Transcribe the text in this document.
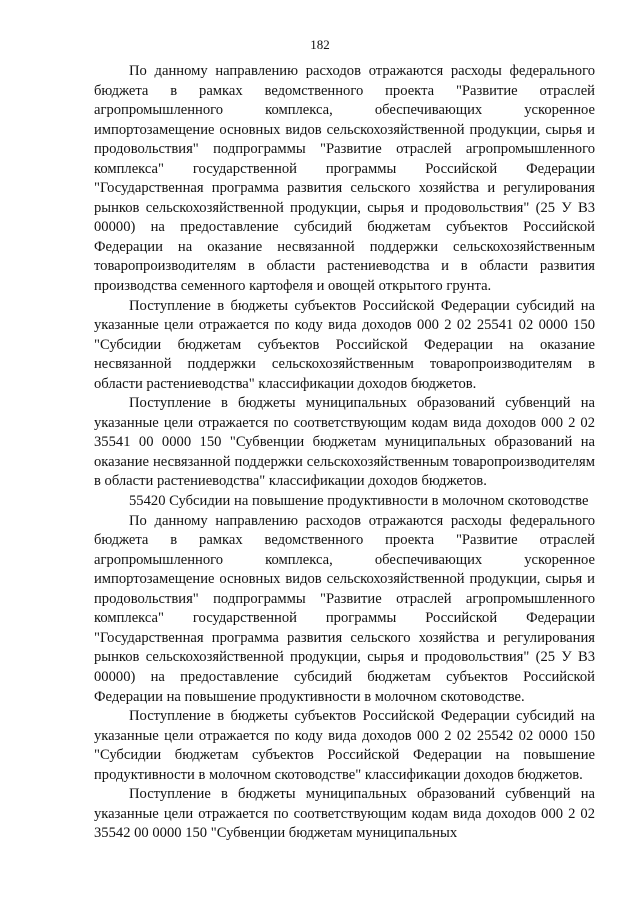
182

По данному направлению расходов отражаются расходы федерального бюджета в рамках ведомственного проекта "Развитие отраслей агропромышленного комплекса, обеспечивающих ускоренное импортозамещение основных видов сельскохозяйственной продукции, сырья и продовольствия" подпрограммы "Развитие отраслей агропромышленного комплекса" государственной программы Российской Федерации "Государственная программа развития сельского хозяйства и регулирования рынков сельскохозяйственной продукции, сырья и продовольствия" (25 У В3 00000) на предоставление субсидий бюджетам субъектов Российской Федерации на оказание несвязанной поддержки сельскохозяйственным товаропроизводителям в области растениеводства и в области развития производства семенного картофеля и овощей открытого грунта.

Поступление в бюджеты субъектов Российской Федерации субсидий на указанные цели отражается по коду вида доходов 000 2 02 25541 02 0000 150 "Субсидии бюджетам субъектов Российской Федерации на оказание несвязанной поддержки сельскохозяйственным товаропроизводителям в области растениеводства" классификации доходов бюджетов.

Поступление в бюджеты муниципальных образований субвенций на указанные цели отражается по соответствующим кодам вида доходов 000 2 02 35541 00 0000 150 "Субвенции бюджетам муниципальных образований на оказание несвязанной поддержки сельскохозяйственным товаропроизводителям в области растениеводства" классификации доходов бюджетов.

55420 Субсидии на повышение продуктивности в молочном скотоводстве

По данному направлению расходов отражаются расходы федерального бюджета в рамках ведомственного проекта "Развитие отраслей агропромышленного комплекса, обеспечивающих ускоренное импортозамещение основных видов сельскохозяйственной продукции, сырья и продовольствия" подпрограммы "Развитие отраслей агропромышленного комплекса" государственной программы Российской Федерации "Государственная программа развития сельского хозяйства и регулирования рынков сельскохозяйственной продукции, сырья и продовольствия" (25 У В3 00000) на предоставление субсидий бюджетам субъектов Российской Федерации на повышение продуктивности в молочном скотоводстве.

Поступление в бюджеты субъектов Российской Федерации субсидий на указанные цели отражается по коду вида доходов 000 2 02 25542 02 0000 150 "Субсидии бюджетам субъектов Российской Федерации на повышение продуктивности в молочном скотоводстве" классификации доходов бюджетов.

Поступление в бюджеты муниципальных образований субвенций на указанные цели отражается по соответствующим кодам вида доходов 000 2 02 35542 00 0000 150 "Субвенции бюджетам муниципальных
